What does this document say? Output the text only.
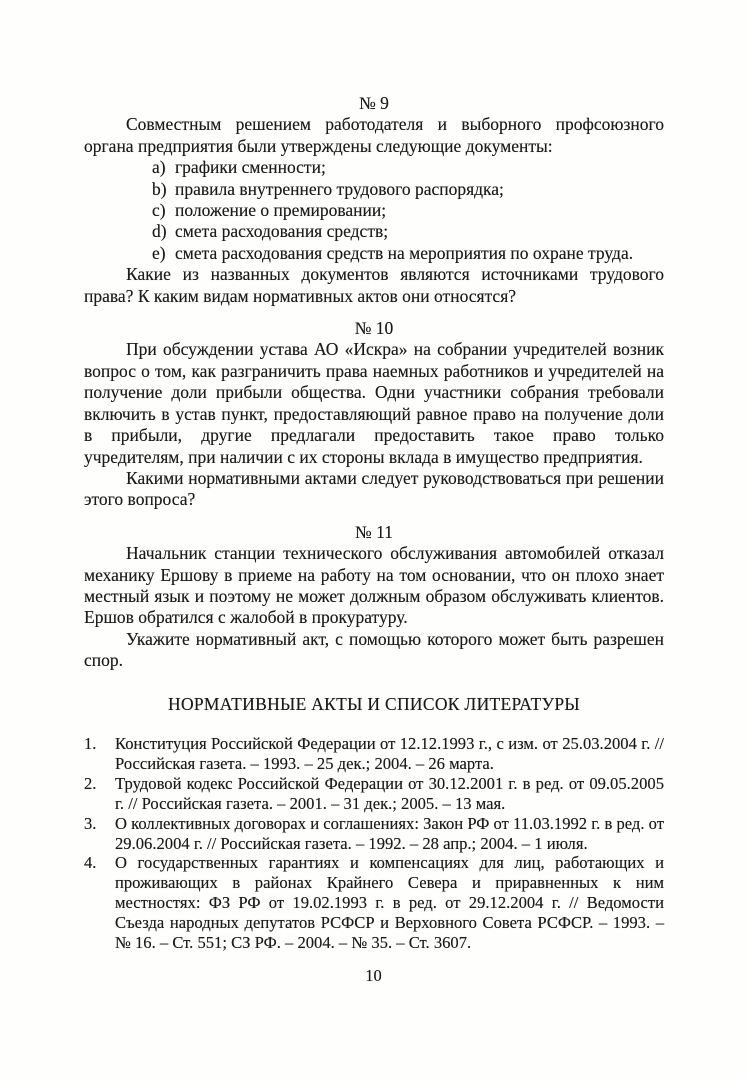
№ 9

Совместным решением работодателя и выборного профсоюзного органа предприятия были утверждены следующие документы:

a) графики сменности;
b) правила внутреннего трудового распорядка;
c) положение о премировании;
d) смета расходования средств;
e) смета расходования средств на мероприятия по охране труда.

Какие из названных документов являются источниками трудового права? К каким видам нормативных актов они относятся?

№ 10

При обсуждении устава АО «Искра» на собрании учредителей возник вопрос о том, как разграничить права наемных работников и учредителей на получение доли прибыли общества. Одни участники собрания требовали включить в устав пункт, предоставляющий равное право на получение доли в прибыли, другие предлагали предоставить такое право только учредителям, при наличии с их стороны вклада в имущество предприятия.

Какими нормативными актами следует руководствоваться при решении этого вопроса?

№ 11

Начальник станции технического обслуживания автомобилей отказал механику Ершову в приеме на работу на том основании, что он плохо знает местный язык и поэтому не может должным образом обслуживать клиентов. Ершов обратился с жалобой в прокуратуру.

Укажите нормативный акт, с помощью которого может быть разрешен спор.

НОРМАТИВНЫЕ АКТЫ И СПИСОК ЛИТЕРАТУРЫ
1.	Конституция Российской Федерации от 12.12.1993 г., с изм. от 25.03.2004 г. // Российская газета. – 1993. – 25 дек.; 2004. – 26 марта.
2.	Трудовой кодекс Российской Федерации от 30.12.2001 г. в ред. от 09.05.2005 г. // Российская газета. – 2001. – 31 дек.; 2005. – 13 мая.
3.	О коллективных договорах и соглашениях: Закон РФ от 11.03.1992 г. в ред. от 29.06.2004 г. // Российская газета. – 1992. – 28 апр.; 2004. – 1 июля.
4.	О государственных гарантиях и компенсациях для лиц, работающих и проживающих в районах Крайнего Севера и приравненных к ним местностях: ФЗ РФ от 19.02.1993 г. в ред. от 29.12.2004 г. // Ведомости Съезда народных депутатов РСФСР и Верховного Совета РСФСР. – 1993. – № 16. – Ст. 551; СЗ РФ. – 2004. – № 35. – Ст. 3607.
10
